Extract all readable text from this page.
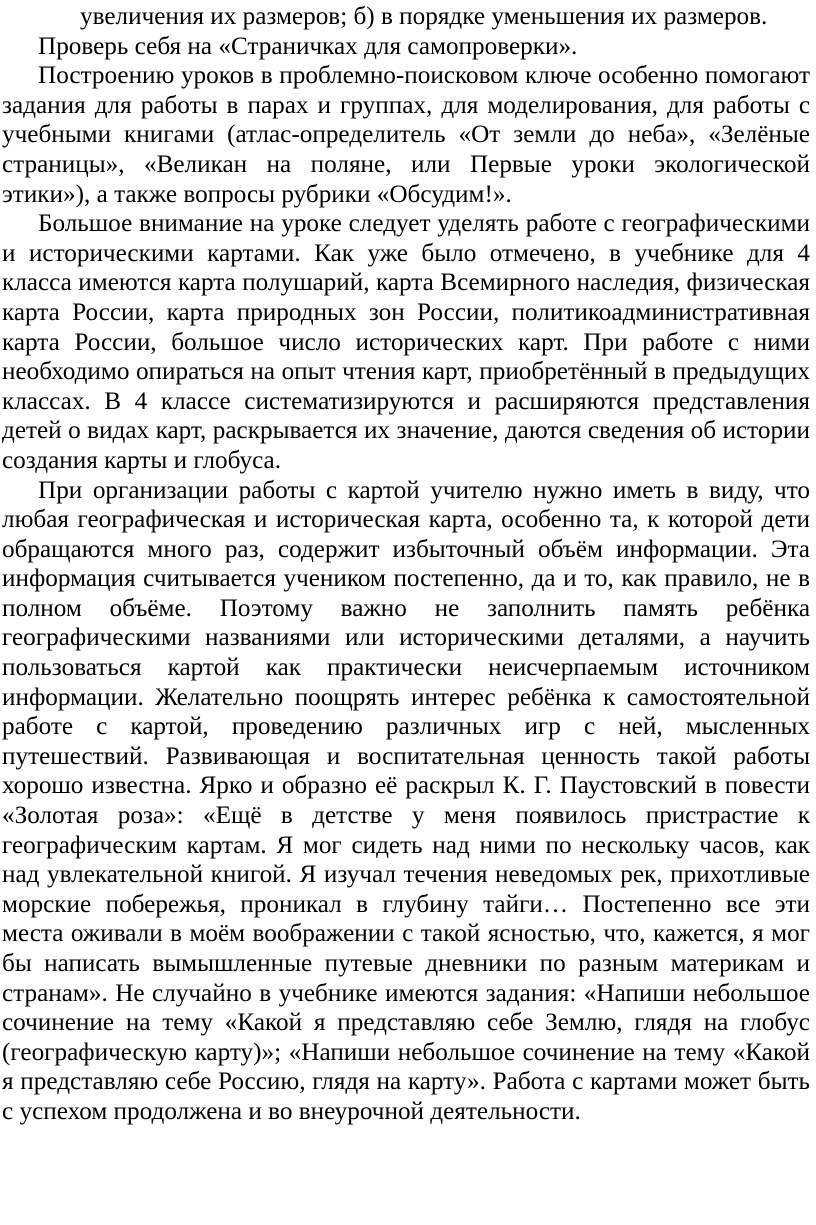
увеличения их размеров; б) в порядке уменьшения их размеров.

Проверь себя на «Страничках для самопроверки».

Построению уроков в проблемно-поисковом ключе особенно помогают задания для работы в парах и группах, для моделирования, для работы с учебными книгами (атлас-определитель «От земли до неба», «Зелёные страницы», «Великан на поляне, или Первые уроки экологической этики»), а также вопросы рубрики «Обсудим!».

Большое внимание на уроке следует уделять работе с географическими и историческими картами. Как уже было отмечено, в учебнике для 4 класса имеются карта полушарий, карта Всемирного наследия, физическая карта России, карта природных зон России, политикоадминистративная карта России, большое число исторических карт. При работе с ними необходимо опираться на опыт чтения карт, приобретённый в предыдущих классах. В 4 классе систематизируются и расширяются представления детей о видах карт, раскрывается их значение, даются сведения об истории создания карты и глобуса.

При организации работы с картой учителю нужно иметь в виду, что любая географическая и историческая карта, особенно та, к которой дети обращаются много раз, содержит избыточный объём информации. Эта информация считывается учеником постепенно, да и то, как правило, не в полном объёме. Поэтому важно не заполнить память ребёнка географическими названиями или историческими деталями, а научить пользоваться картой как практически неисчерпаемым источником информации. Желательно поощрять интерес ребёнка к самостоятельной работе с картой, проведению различных игр с ней, мысленных путешествий. Развивающая и воспитательная ценность такой работы хорошо известна. Ярко и образно её раскрыл К. Г. Паустовский в повести «Золотая роза»: «Ещё в детстве у меня появилось пристрастие к географическим картам. Я мог сидеть над ними по нескольку часов, как над увлекательной книгой. Я изучал течения неведомых рек, прихотливые морские побережья, проникал в глубину тайги… Постепенно все эти места оживали в моём воображении с такой ясностью, что, кажется, я мог бы написать вымышленные путевые дневники по разным материкам и странам». Не случайно в учебнике имеются задания: «Напиши небольшое сочинение на тему «Какой я представляю себе Землю, глядя на глобус (географическую карту)»; «Напиши небольшое сочинение на тему «Какой я представляю себе Россию, глядя на карту». Работа с картами может быть с успехом продолжена и во внеурочной деятельности.
